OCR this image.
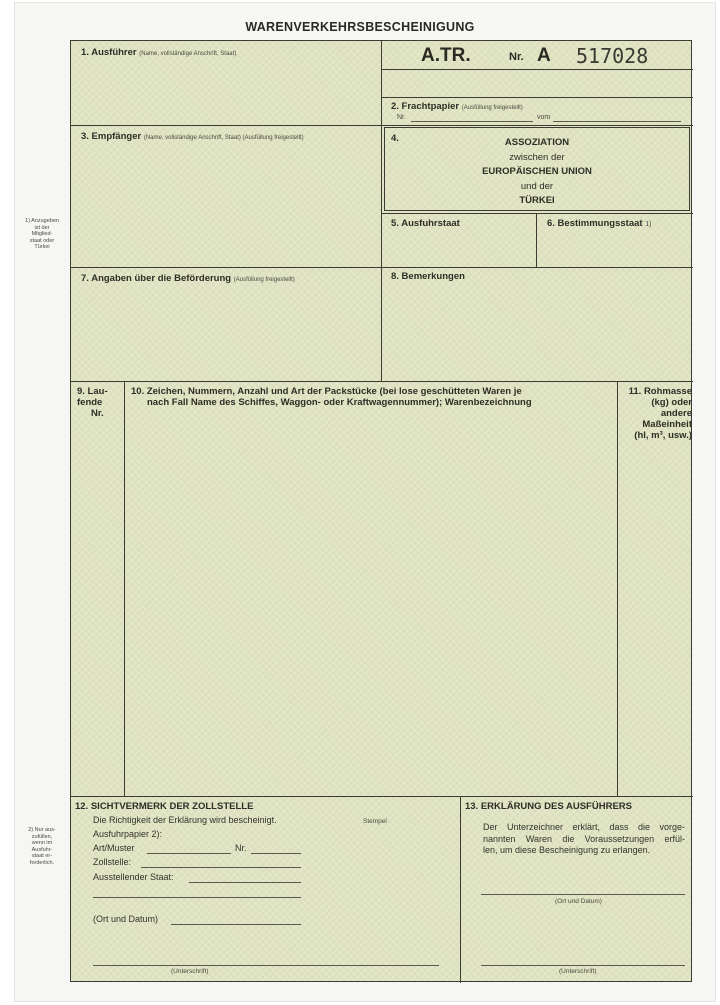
WARENVERKEHRSBESCHEINIGUNG
1) Anzugeben
ist der
Mitglied-
staat oder
Türkei
2) Nur aus-
zufüllen,
wenn im
Ausfuhr-
staat er-
forderlich.
1. Ausführer (Name, vollständige Anschrift, Staat)	A.TR.	Nr. A 517028
2. Frachtpapier (Ausfüllung freigestellt)
Nr.	vom
3. Empfänger (Name, vollständige Anschrift, Staat) (Ausfüllung freigestellt)	4.	ASSOZIATION
zwischen der
EUROPÄISCHEN UNION
und der
TÜRKEI
5. Ausfuhrstaat	6. Bestimmungsstaat 1)
7. Angaben über die Beförderung (Ausfüllung freigestellt)	8. Bemerkungen
9. Lau-
fende
Nr.
10. Zeichen, Nummern, Anzahl und Art der Packstücke (bei lose geschütteten Waren je
nach Fall Name des Schiffes, Waggon- oder Kraftwagennummer); Warenbezeichnung
11. Rohmasse
(kg) oder
andere
Maßeinheit
(hl, m³, usw.)
12. SICHTVERMERK DER ZOLLSTELLE
Die Richtigkeit der Erklärung wird bescheinigt.	Stempel
Ausfuhrpapier 2):
Art/Muster	Nr.
Zollstelle:
Ausstellender Staat:
(Ort und Datum)
(Unterschrift)
13. ERKLÄRUNG DES AUSFÜHRERS
Der Unterzeichner erklärt, dass die vorge-
nannten Waren die Voraussetzungen erfül-
len, um diese Bescheinigung zu erlangen.
(Ort und Datum)
(Unterschrift)
